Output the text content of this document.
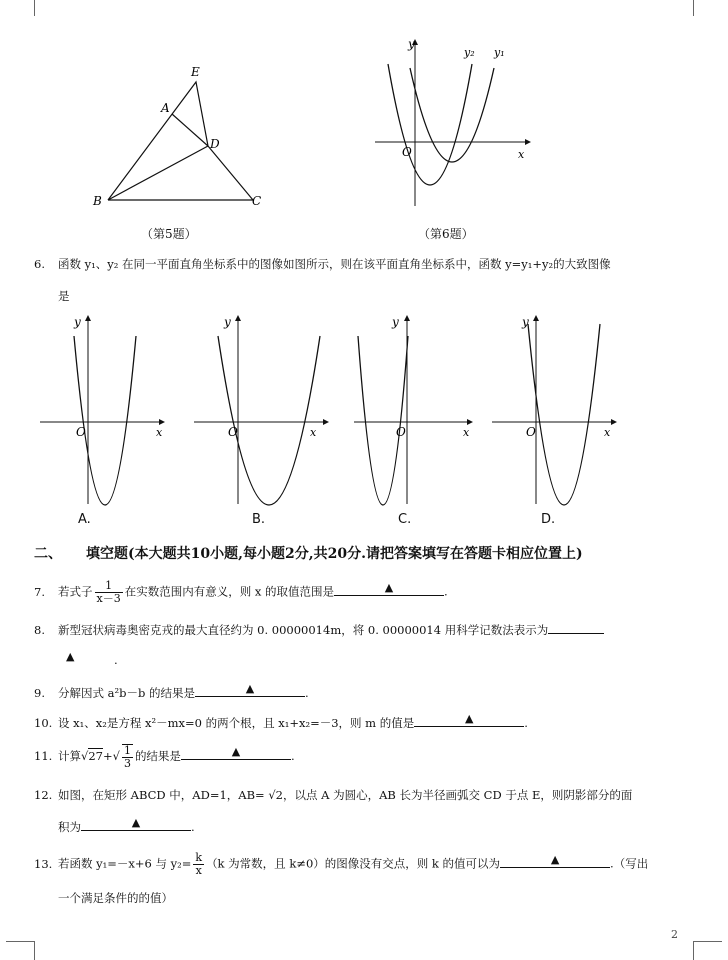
E
A
D
B	C
（第5题）
y
y₂ y₁
x
O
（第6题）
6. 函数 y₁、y₂ 在同一平面直角坐标系中的图像如图所示，则在该平面直角坐标系中，函数 y=y₁+y₂的大致图像
是
y
x
O
A.
y
x
O
B.
y
x
O
C.
y
x
O
D.
二、 填空题(本大题共10小题,每小题2分,共20分.请把答案填写在答题卡相应位置上)
7. 若式子 $\frac{1}{x-3}$ 在实数范围内有意义，则 x 的取值范围是	▲	.
8. 新型冠状病毒奥密克戎的最大直径约为 0. 00000014m，将 0. 00000014 用科学记数法表示为
▲	.
9. 分解因式 a²b－b 的结果是	▲	.
10. 设 x₁、x₂是方程 x²－mx=0 的两个根，且 x₁+x₂=－3，则 m 的值是	▲	.
11. 计算$√27+√ \frac{1}{3}$ 的结果是	▲	.
12. 如图，在矩形 ABCD 中，AD=1，AB= √2，以点 A 为圆心，AB 长为半径画弧交 CD 于点 E，则阴影部分的面
积为	▲	.
13. 若函数 y₁=－x+6 与 $y_2= \frac{k}{x} (k$ 为常数，且 k≠0）的图像没有交点，则 k 的值可以为	▲	.（写出
一个满足条件的的值）
2
